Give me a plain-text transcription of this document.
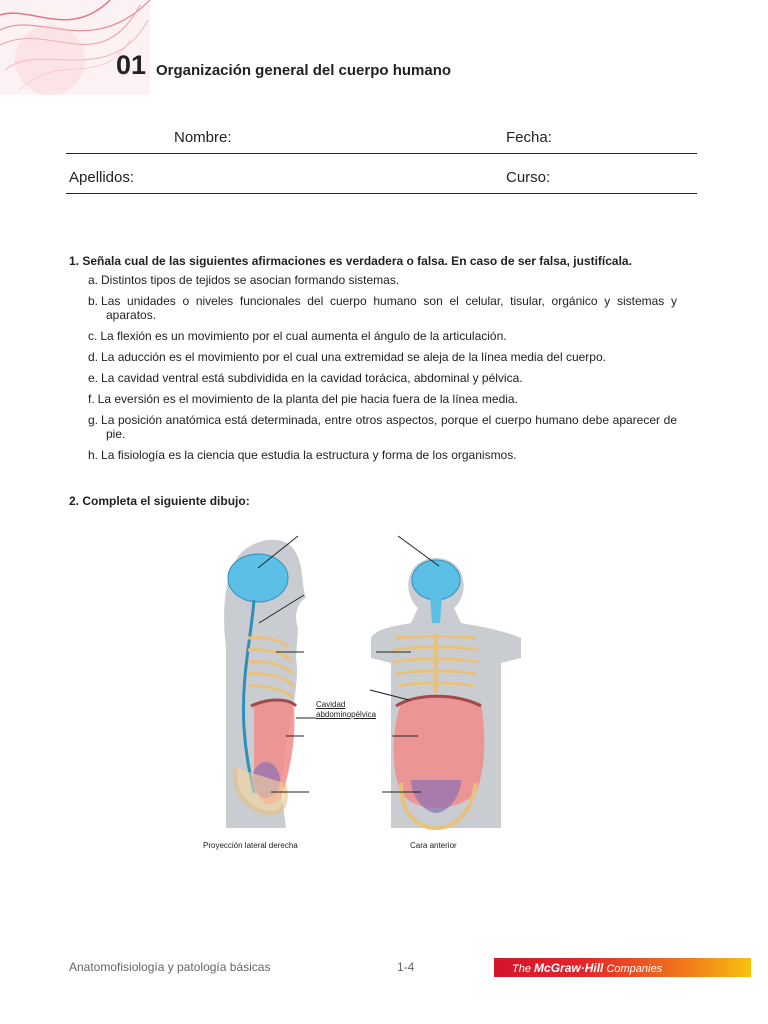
01 Organización general del cuerpo humano
Nombre:	Fecha:
Apellidos:	Curso:
1. Señala cual de las siguientes afirmaciones es verdadera o falsa. En caso de ser falsa, justifícala.
a. Distintos tipos de tejidos se asocian formando sistemas.
b. Las unidades o niveles funcionales del cuerpo humano son el celular, tisular, orgánico y sistemas y aparatos.
c. La flexión es un movimiento por el cual aumenta el ángulo de la articulación.
d. La aducción es el movimiento por el cual una extremidad se aleja de la línea media del cuerpo.
e. La cavidad ventral está subdividida en la cavidad torácica, abdominal y pélvica.
f. La eversión es el movimiento de la planta del pie hacia fuera de la línea media.
g. La posición anatómica está determinada, entre otros aspectos, porque el cuerpo humano debe aparecer de pie.
h. La fisiología es la ciencia que estudia la estructura y forma de los organismos.
2. Completa el siguiente dibujo:
Cavidad
abdominopélvica
Proyección lateral derecha	Cara anterior
Anatomofisiología y patología básicas	1-4	The McGraw·Hill Companies
